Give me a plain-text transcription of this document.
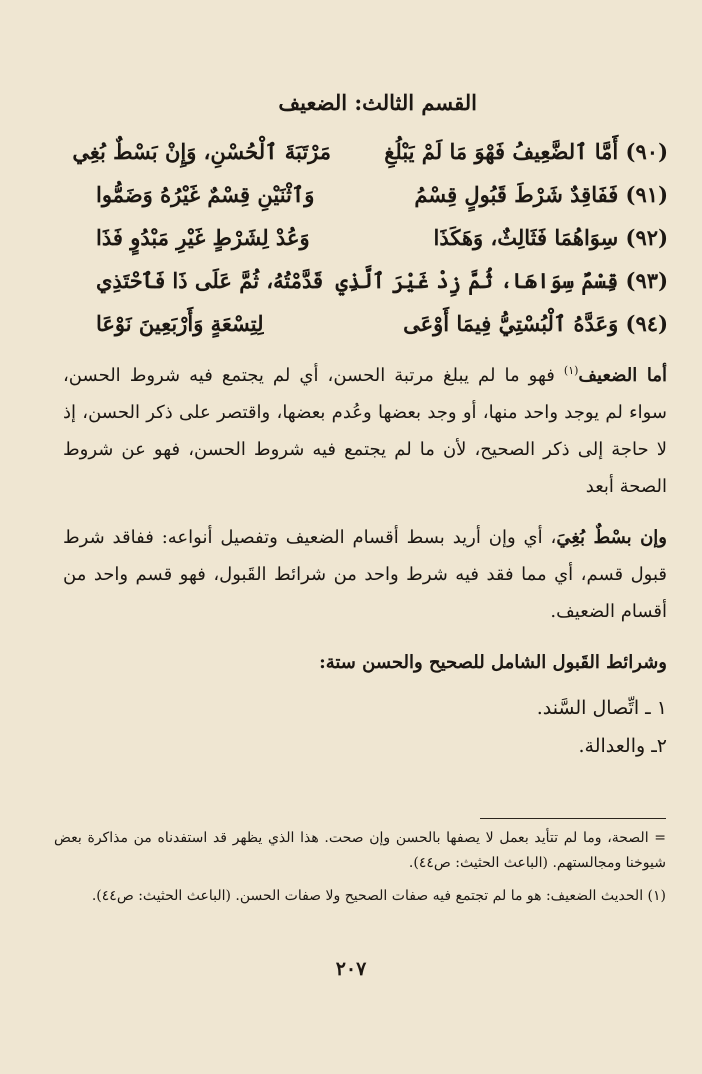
القسم الثالث: الضعيف
(٩٠) أَمَّا ٱلضَّعِيفُ فَهْوَ مَا لَمْ يَبْلُغِ
مَرْتَبَةَ ٱلْحُسْنِ، وَإِنْ بَسْطٌ بُغِي
(٩١) فَفَاقِدٌ شَرْطَ قَبُولٍ قِسْمُ
وَٱثْنَيْنِ قِسْمٌ غَيْرُهُ وَضَمُّوا
(٩٢) سِوَاهُمَا فَثَالِثٌ، وَهَكَذَا
وَعُدْ لِشَرْطٍ غَيْرِ مَبْدُوٍ فَذَا
(٩٣) قِسْمٌ سِوَاهَا، ثُمَّ زِدْ غَيْرَ ٱلَّذِي
قَدَّمْتُهُ، ثُمَّ عَلَى ذَا فَٱحْتَذِي
(٩٤) وَعَدَّهُ ٱلْبُسْتِيُّ فِيمَا أَوْعَى
لِتِسْعَةٍ وَأَرْبَعِينَ نَوْعَا

أما الضعيف$^{(١)}$ فهو ما لم يبلغ مرتبة الحسن، أي لم يجتمع فيه شروط الحسن، سواء لم يوجد واحد منها، أو وجد بعضها وعُدم بعضها، واقتصر على ذكر الحسن، إذ لا حاجة إلى ذكر الصحيح، لأن ما لم يجتمع فيه شروط الحسن، فهو عن شروط الصحة أبعد

وإن بسْطٌ بُغِيَ، أي وإن أريد بسط أقسام الضعيف وتفصيل أنواعه: ففاقد شرط قبول قسم، أي مما فقد فيه شرط واحد من شرائط القَبول، فهو قسم واحد من أقسام الضعيف.

وشرائط القَبول الشامل للصحيح والحسن ستة:
١ ـ اتِّصال السَّند.
٢ـ والعدالة.

= الصحة، وما لم تتأيد بعمل لا يصفها بالحسن وإن صحت. هذا الذي يظهر قد استفدناه من مذاكرة بعض شيوخنا ومجالستهم. (الباعث الحثيث: ص٤٤).

(١) الحديث الضعيف: هو ما لم تجتمع فيه صفات الصحيح ولا صفات الحسن. (الباعث الحثيث: ص٤٤).

٢٠٧
